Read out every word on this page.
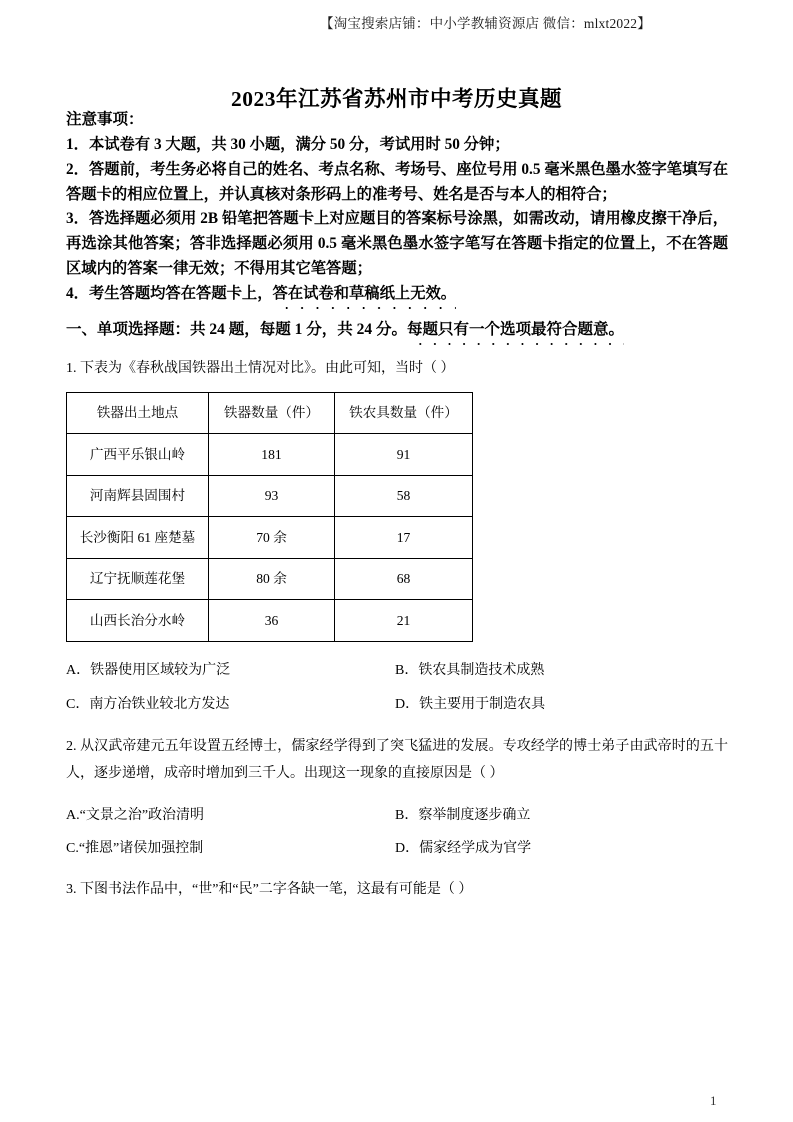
【淘宝搜索店铺：中小学教辅资源店 微信：mlxt2022】
2023年江苏省苏州市中考历史真题

注意事项：

1．本试卷有 3 大题，共 30 小题，满分 50 分，考试用时 50 分钟；

2．答题前，考生务必将自己的姓名、考点名称、考场号、座位号用 0.5 毫米黑色墨水签字笔填写在答题卡的相应位置上，并认真核对条形码上的准考号、姓名是否与本人的相符合；

3．答选择题必须用 2B 铅笔把答题卡上对应题目的答案标号涂黑，如需改动，请用橡皮擦干净后，再选涂其他答案；答非选择题必须用 0.5 毫米黑色墨水签字笔写在答题卡指定的位置上，不在答题区域内的答案一律无效；不得用其它笔答题；

4．考生答题均答在答题卡上，答在试卷和草稿纸上无效。

一、单项选择题：共 24 题，每题 1 分，共 24 分。每题只有一个选项最符合题意。

1. 下表为《春秋战国铁器出土情况对比》。由此可知，当时（ ）

铁器出土地点	铁器数量（件）	铁农具数量（件）
广西平乐银山岭	181	91
河南辉县固围村	93	58
长沙衡阳 61 座楚墓	70 余	17
辽宁抚顺莲花堡	80 余	68
山西长治分水岭	36	21
A．铁器使用区域较为广泛	B．铁农具制造技术成熟
C．南方冶铁业较北方发达	D．铁主要用于制造农具

2. 从汉武帝建元五年设置五经博士，儒家经学得到了突飞猛进的发展。专攻经学的博士弟子由武帝时的五十人，逐步递增，成帝时增加到三千人。出现这一现象的直接原因是（ ）

A.“文景之治”政治清明	B．察举制度逐步确立
C.“推恩”诸侯加强控制	D．儒家经学成为官学

3. 下图书法作品中，“世”和“民”二字各缺一笔，这最有可能是（ ）

1
